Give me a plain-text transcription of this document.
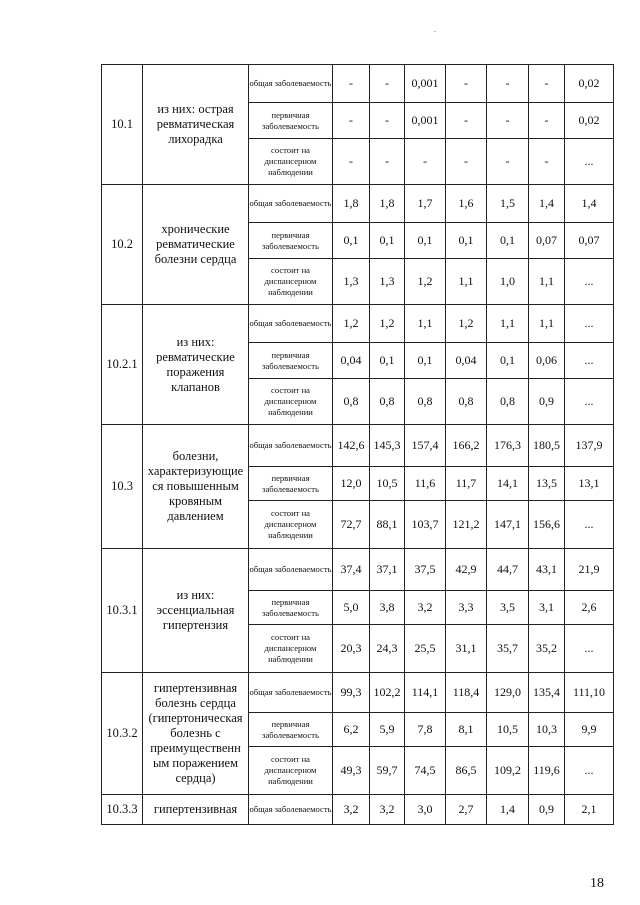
10.1	из них: острая ревматическая лихорадка	общая заболеваемость	-	-	0,001	-	-	-	0,02
		первичная заболеваемость	-	-	0,001	-	-	-	0,02
		состоит на диспансерном наблюдении	-	-	-	-	-	-	...
10.2	хронические ревматические болезни сердца	общая заболеваемость	1,8	1,8	1,7	1,6	1,5	1,4	1,4
		первичная заболеваемость	0,1	0,1	0,1	0,1	0,1	0,07	0,07
		состоит на диспансерном наблюдении	1,3	1,3	1,2	1,1	1,0	1,1	...
10.2.1	из них: ревматические поражения клапанов	общая заболеваемость	1,2	1,2	1,1	1,2	1,1	1,1	...
		первичная заболеваемость	0,04	0,1	0,1	0,04	0,1	0,06	...
		состоит на диспансерном наблюдении	0,8	0,8	0,8	0,8	0,8	0,9	...
10.3	болезни, характеризующие ся повышенным кровяным давлением	общая заболеваемость	142,6	145,3	157,4	166,2	176,3	180,5	137,9
		первичная заболеваемость	12,0	10,5	11,6	11,7	14,1	13,5	13,1
		состоит на диспансерном наблюдении	72,7	88,1	103,7	121,2	147,1	156,6	...
10.3.1	из них: эссенциальная гипертензия	общая заболеваемость	37,4	37,1	37,5	42,9	44,7	43,1	21,9
		первичная заболеваемость	5,0	3,8	3,2	3,3	3,5	3,1	2,6
		состоит на диспансерном наблюдении	20,3	24,3	25,5	31,1	35,7	35,2	...
10.3.2	гипертензивная болезнь сердца (гипертоническая болезнь с преимущественн ым поражением сердца)	общая заболеваемость	99,3	102,2	114,1	118,4	129,0	135,4	111,10
		первичная заболеваемость	6,2	5,9	7,8	8,1	10,5	10,3	9,9
		состоит на диспансерном наблюдении	49,3	59,7	74,5	86,5	109,2	119,6	...
10.3.3	гипертензивная	общая заболеваемость	3,2	3,2	3,0	2,7	1,4	0,9	2,1
18
